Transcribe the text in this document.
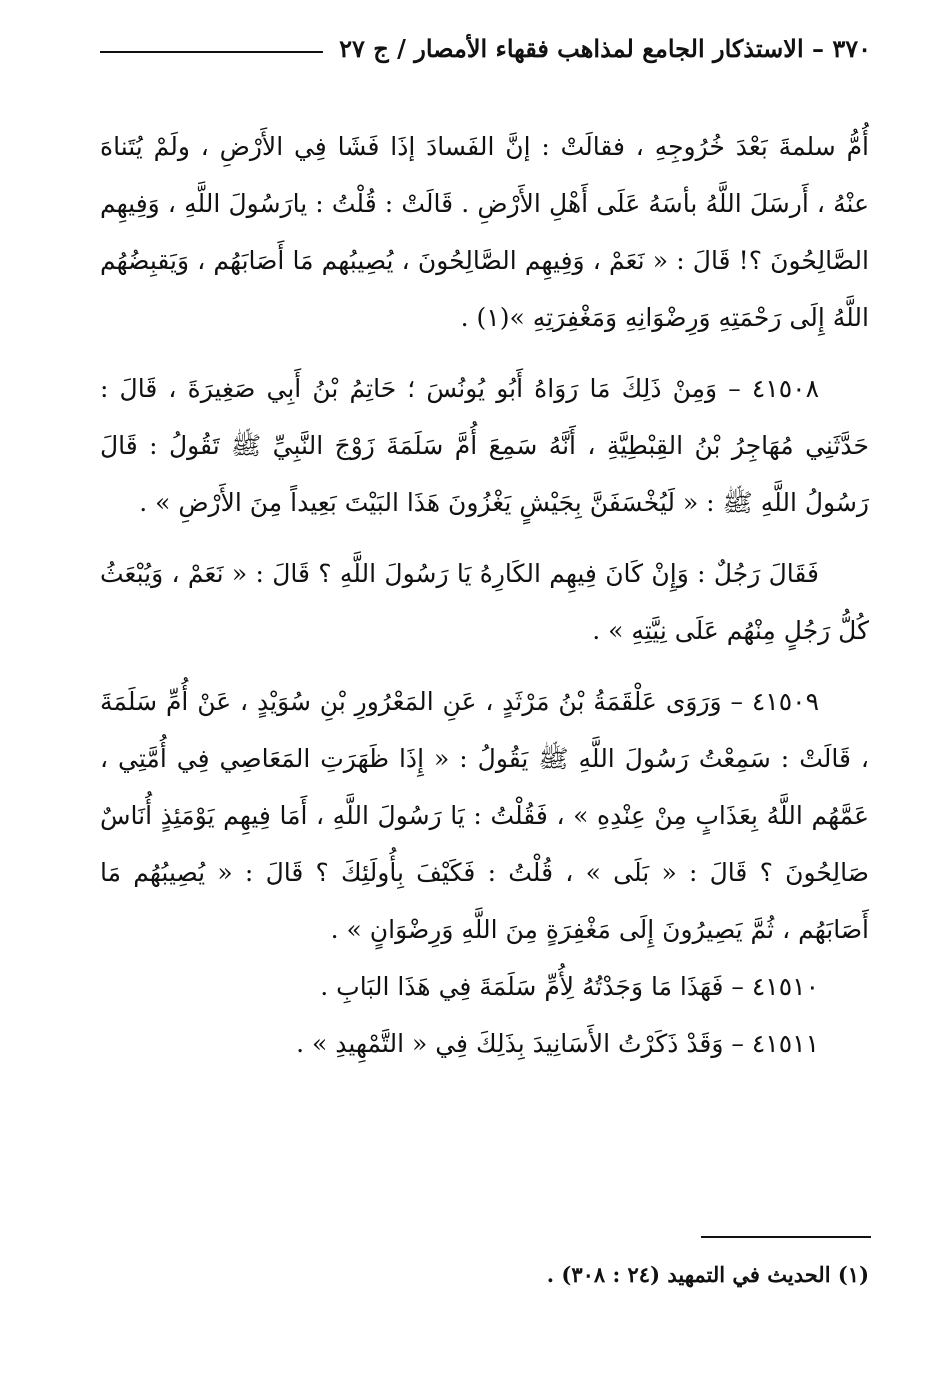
٣٧٠ – الاستذكار الجامع لمذاهب فقهاء الأمصار / ج ٢٧

أُمُّ سلمةَ بَعْدَ خُرُوجِهِ ، فقالَتْ : إنَّ الفَسادَ إذَا فَشَا فِي الأَرْضِ ، ولَمْ يُتَناهَ عنْهُ ، أَرسَلَ اللَّهُ بأسَهُ عَلَى أَهْلِ الأَرْضِ . قَالَتْ : قُلْتُ : يارَسُولَ اللَّهِ ، وَفِيهِم الصَّالِحُونَ ؟! قَالَ : « نَعَمْ ، وَفِيهِم الصَّالِحُونَ ، يُصِيبُهم مَا أَصَابَهُم ، وَيَقبِضُهُم اللَّهُ إِلَى رَحْمَتِهِ وَرِضْوَانِهِ وَمَغْفِرَتِهِ »(١) .

٤١٥٠٨ – وَمِنْ ذَلِكَ مَا رَوَاهُ أَبُو يُونُسَ ؛ حَاتِمُ بْنُ أَبِي صَغِيرَةَ ، قَالَ : حَدَّثَنِي مُهَاجِرُ بْنُ القِبْطِيَّةِ ، أَنَّهُ سَمِعَ أُمَّ سَلَمَةَ زَوْجَ النَّبِيِّ ﷺ تَقُولُ : قَالَ رَسُولُ اللَّهِ ﷺ : « لَيُخْسَفَنَّ بِجَيْشٍ يَغْزُونَ هَذَا البَيْتَ بَعِيداً مِنَ الأَرْضِ » .

فَقَالَ رَجُلٌ : وَإِنْ كَانَ فِيهِم الكَارِهُ يَا رَسُولَ اللَّهِ ؟ قَالَ : « نَعَمْ ، وَيُبْعَثُ كُلُّ رَجُلٍ مِنْهُم عَلَى نِيَّتِهِ » .

٤١٥٠٩ – وَرَوَى عَلْقَمَةُ بْنُ مَرْثَدٍ ، عَنِ المَعْرُورِ بْنِ سُوَيْدٍ ، عَنْ أُمِّ سَلَمَةَ ، قَالَتْ : سَمِعْتُ رَسُولَ اللَّهِ ﷺ يَقُولُ : « إِذَا ظَهَرَتِ المَعَاصِي فِي أُمَّتِي ، عَمَّهُم اللَّهُ بِعَذَابٍ مِنْ عِنْدِهِ » ، فَقُلْتُ : يَا رَسُولَ اللَّهِ ، أَمَا فِيهِم يَوْمَئِذٍ أُنَاسٌ صَالِحُونَ ؟ قَالَ : « بَلَى » ، قُلْتُ : فَكَيْفَ بِأُولَئِكَ ؟ قَالَ : « يُصِيبُهُم مَا أَصَابَهُم ، ثُمَّ يَصِيرُونَ إِلَى مَغْفِرَةٍ مِنَ اللَّهِ وَرِضْوَانٍ » .

٤١٥١٠ – فَهَذَا مَا وَجَدْتُهُ لِأُمِّ سَلَمَةَ فِي هَذَا البَابِ .

٤١٥١١ – وَقَدْ ذَكَرْتُ الأَسَانِيدَ بِذَلِكَ فِي « التَّمْهِيدِ » .

(١) الحديث في التمهيد (٢٤ : ٣٠٨) .
